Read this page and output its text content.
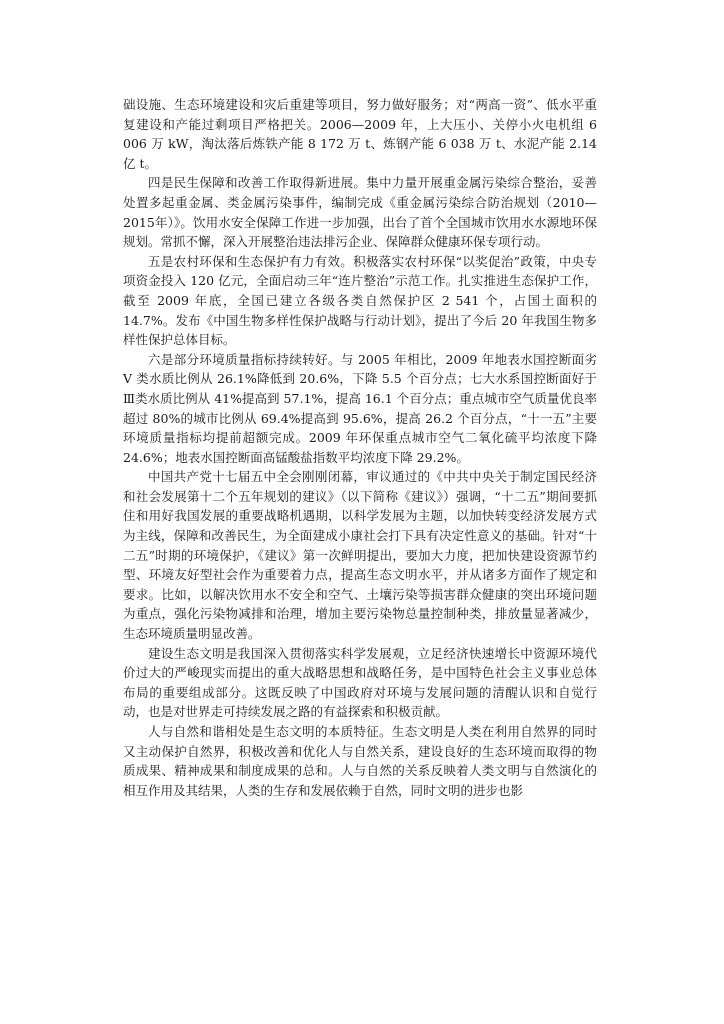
础设施、生态环境建设和灾后重建等项目，努力做好服务；对“两高一资”、低水平重复建设和产能过剩项目严格把关。2006—2009 年，上大压小、关停小火电机组 6 006 万 kW，淘汰落后炼铁产能 8 172 万 t、炼钢产能 6 038 万 t、水泥产能 2.14 亿 t。

四是民生保障和改善工作取得新进展。集中力量开展重金属污染综合整治，妥善处置多起重金属、类金属污染事件，编制完成《重金属污染综合防治规划（2010—2015年）》。饮用水安全保障工作进一步加强，出台了首个全国城市饮用水水源地环保规划。常抓不懈，深入开展整治违法排污企业、保障群众健康环保专项行动。

五是农村环保和生态保护有力有效。积极落实农村环保“以奖促治”政策，中央专项资金投入 120 亿元，全面启动三年“连片整治”示范工作。扎实推进生态保护工作，截至 2009 年底，全国已建立各级各类自然保护区 2 541 个，占国土面积的 14.7%。发布《中国生物多样性保护战略与行动计划》，提出了今后 20 年我国生物多样性保护总体目标。

六是部分环境质量指标持续转好。与 2005 年相比，2009 年地表水国控断面劣 V 类水质比例从 26.1%降低到 20.6%，下降 5.5 个百分点；七大水系国控断面好于Ⅲ类水质比例从 41%提高到 57.1%，提高 16.1 个百分点；重点城市空气质量优良率超过 80%的城市比例从 69.4%提高到 95.6%，提高 26.2 个百分点，“十一五”主要环境质量指标均提前超额完成。2009 年环保重点城市空气二氧化硫平均浓度下降 24.6%；地表水国控断面高锰酸盐指数平均浓度下降 29.2%。

中国共产党十七届五中全会刚刚闭幕，审议通过的《中共中央关于制定国民经济和社会发展第十二个五年规划的建议》（以下简称《建议》）强调，“十二五”期间要抓住和用好我国发展的重要战略机遇期，以科学发展为主题，以加快转变经济发展方式为主线，保障和改善民生，为全面建成小康社会打下具有决定性意义的基础。针对“十二五”时期的环境保护，《建议》第一次鲜明提出，要加大力度，把加快建设资源节约型、环境友好型社会作为重要着力点，提高生态文明水平，并从诸多方面作了规定和要求。比如，以解决饮用水不安全和空气、土壤污染等损害群众健康的突出环境问题为重点，强化污染物减排和治理，增加主要污染物总量控制种类，排放量显著减少，生态环境质量明显改善。

建设生态文明是我国深入贯彻落实科学发展观，立足经济快速增长中资源环境代价过大的严峻现实而提出的重大战略思想和战略任务，是中国特色社会主义事业总体布局的重要组成部分。这既反映了中国政府对环境与发展问题的清醒认识和自觉行动，也是对世界走可持续发展之路的有益探索和积极贡献。

人与自然和谐相处是生态文明的本质特征。生态文明是人类在利用自然界的同时又主动保护自然界，积极改善和优化人与自然关系，建设良好的生态环境而取得的物质成果、精神成果和制度成果的总和。人与自然的关系反映着人类文明与自然演化的相互作用及其结果，人类的生存和发展依赖于自然，同时文明的进步也影
